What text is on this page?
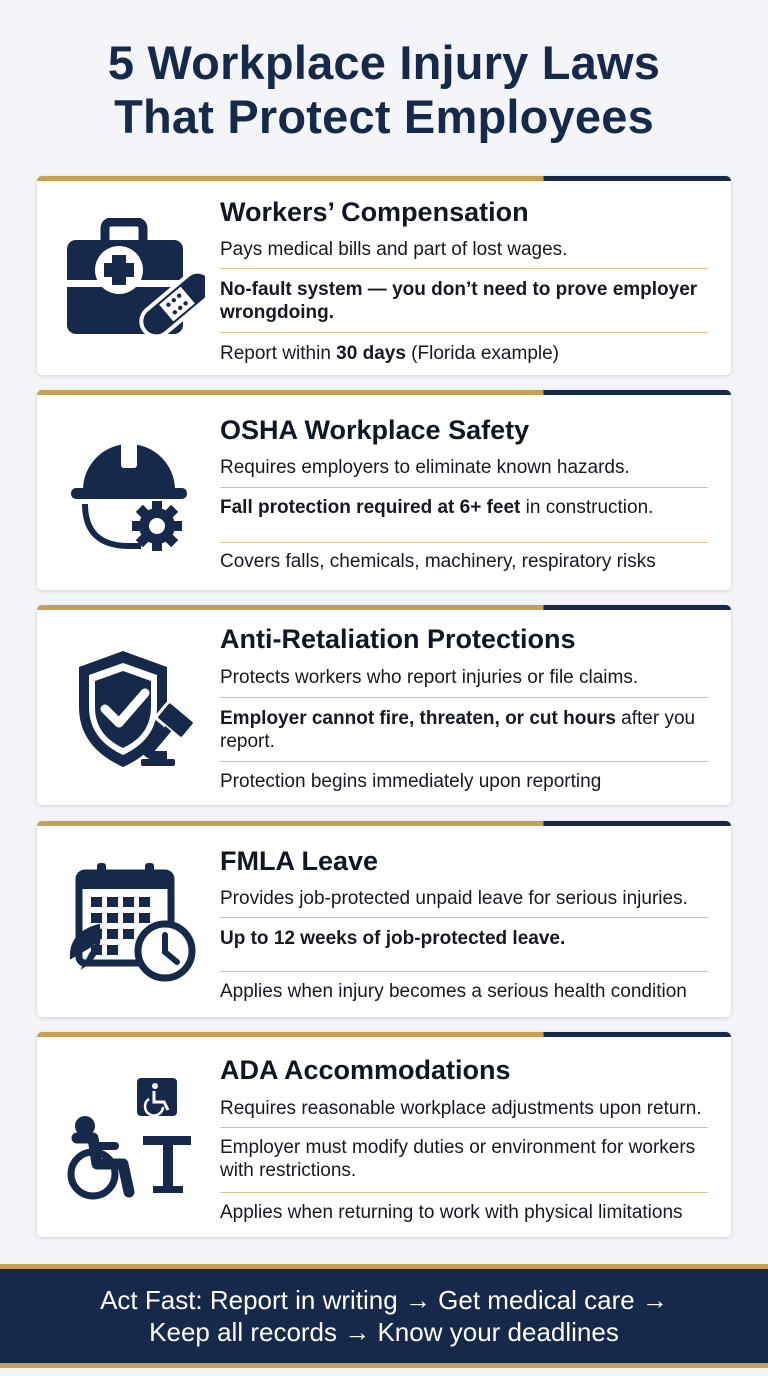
5 Workplace Injury Laws
That Protect Employees
Workers’ Compensation
Pays medical bills and part of lost wages.
No-fault system — you don’t need to prove employer wrongdoing.
Report within 30 days (Florida example)
OSHA Workplace Safety
Requires employers to eliminate known hazards.
Fall protection required at 6+ feet in construction.
Covers falls, chemicals, machinery, respiratory risks
Anti-Retaliation Protections
Protects workers who report injuries or file claims.
Employer cannot fire, threaten, or cut hours after you report.
Protection begins immediately upon reporting
FMLA Leave
Provides job-protected unpaid leave for serious injuries.
Up to 12 weeks of job-protected leave.
Applies when injury becomes a serious health condition
ADA Accommodations
Requires reasonable workplace adjustments upon return.
Employer must modify duties or environment for workers with restrictions.
Applies when returning to work with physical limitations
Act Fast: Report in writing → Get medical care →
Keep all records → Know your deadlines
